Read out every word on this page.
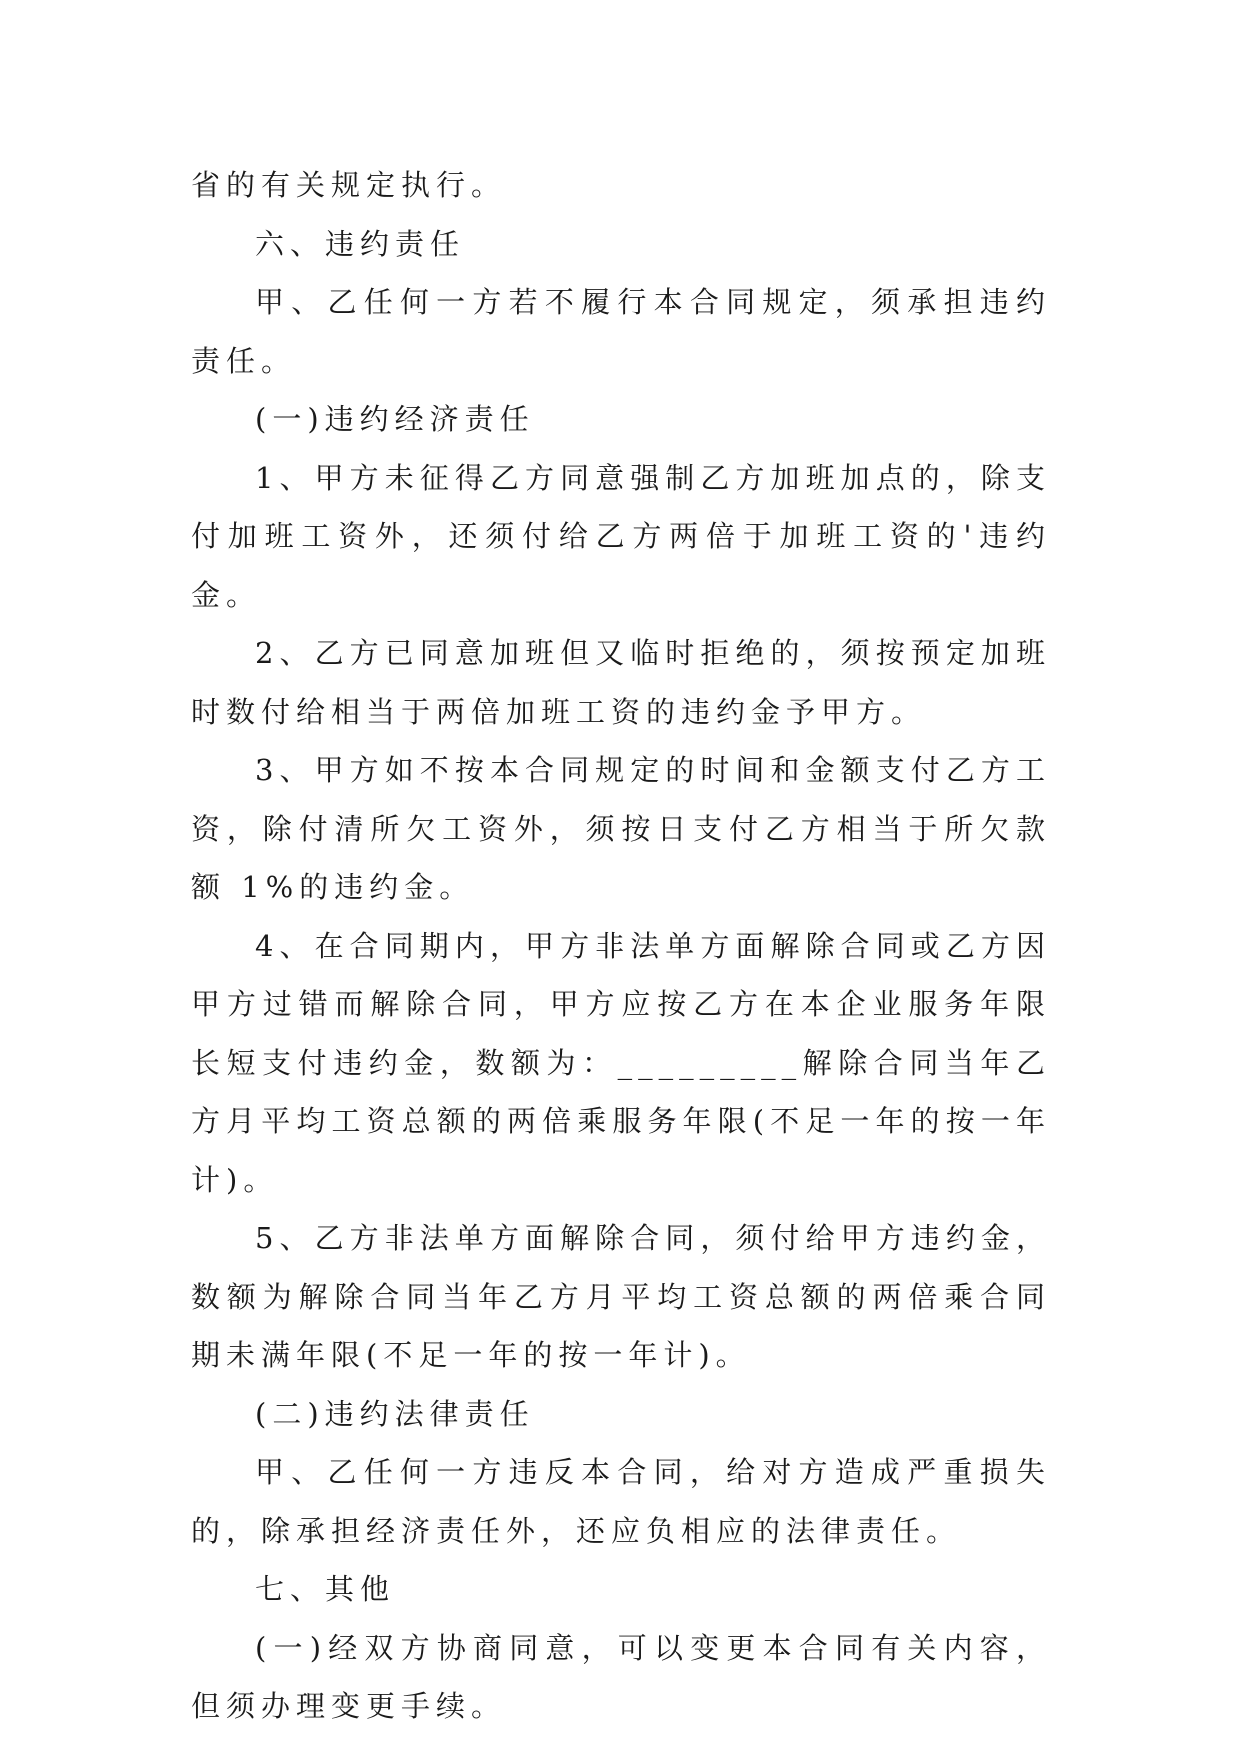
省的有关规定执行。

六、违约责任

甲、乙任何一方若不履行本合同规定，须承担违约责任。

(一)违约经济责任

1、甲方未征得乙方同意强制乙方加班加点的，除支付加班工资外，还须付给乙方两倍于加班工资的'违约金。

2、乙方已同意加班但又临时拒绝的，须按预定加班时数付给相当于两倍加班工资的违约金予甲方。

3、甲方如不按本合同规定的时间和金额支付乙方工资，除付清所欠工资外，须按日支付乙方相当于所欠款额 1%的违约金。

4、在合同期内，甲方非法单方面解除合同或乙方因甲方过错而解除合同，甲方应按乙方在本企业服务年限长短支付违约金，数额为：_________解除合同当年乙方月平均工资总额的两倍乘服务年限(不足一年的按一年计)。

5、乙方非法单方面解除合同，须付给甲方违约金，数额为解除合同当年乙方月平均工资总额的两倍乘合同期未满年限(不足一年的按一年计)。

(二)违约法律责任

甲、乙任何一方违反本合同，给对方造成严重损失的，除承担经济责任外，还应负相应的法律责任。

七、其他

(一)经双方协商同意，可以变更本合同有关内容，但须办理变更手续。
